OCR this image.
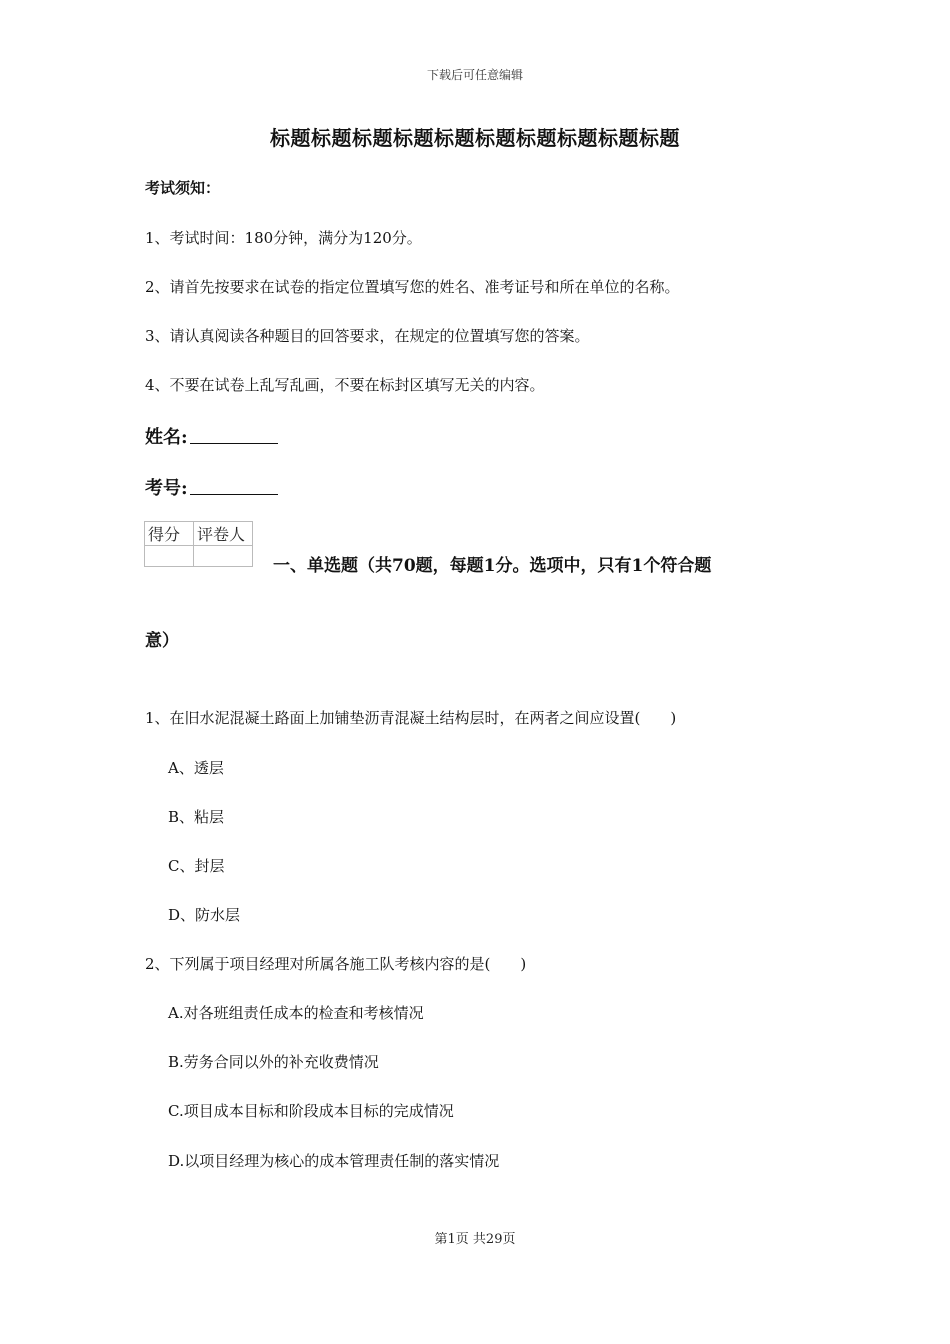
下载后可任意编辑
标题标题标题标题标题标题标题标题标题标题
考试须知：
1、考试时间：180分钟，满分为120分。
2、请首先按要求在试卷的指定位置填写您的姓名、准考证号和所在单位的名称。
3、请认真阅读各种题目的回答要求，在规定的位置填写您的答案。
4、不要在试卷上乱写乱画，不要在标封区填写无关的内容。
姓名:
考号:
得分	评卷人

一、单选题（共70题，每题1分。选项中，只有1个符合题
意）
1、在旧水泥混凝土路面上加铺垫沥青混凝土结构层时，在两者之间应设置(　　)
A、透层
B、粘层
C、封层
D、防水层
2、下列属于项目经理对所属各施工队考核内容的是(　　)
A.对各班组责任成本的检查和考核情况
B.劳务合同以外的补充收费情况
C.项目成本目标和阶段成本目标的完成情况
D.以项目经理为核心的成本管理责任制的落实情况
第1页 共29页
